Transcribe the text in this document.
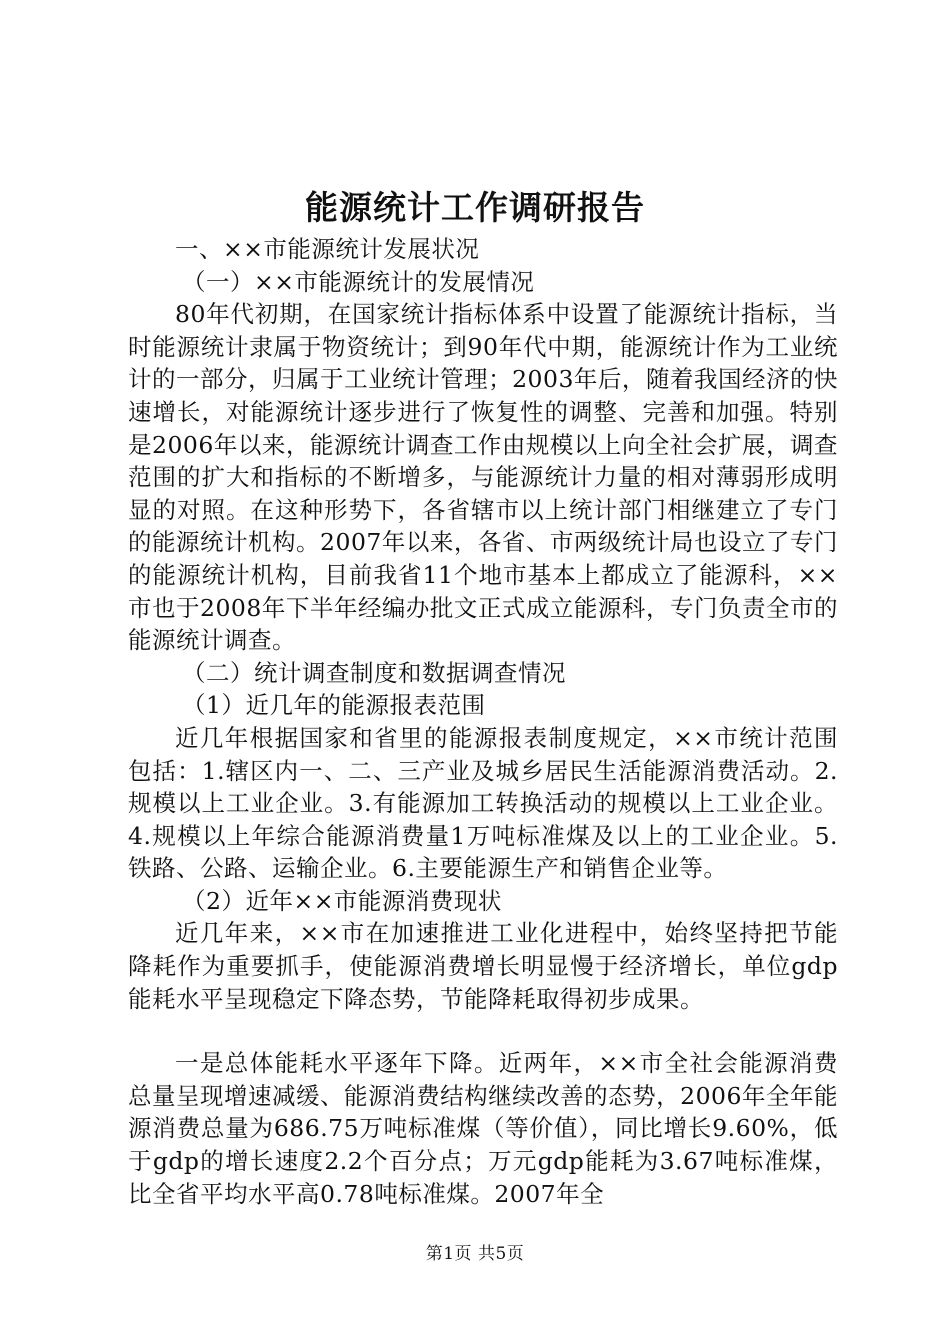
能源统计工作调研报告

一、××市能源统计发展状况

（一）××市能源统计的发展情况

80年代初期，在国家统计指标体系中设置了能源统计指标，当时能源统计隶属于物资统计；到90年代中期，能源统计作为工业统计的一部分，归属于工业统计管理；2003年后，随着我国经济的快速增长，对能源统计逐步进行了恢复性的调整、完善和加强。特别是2006年以来，能源统计调查工作由规模以上向全社会扩展，调查范围的扩大和指标的不断增多，与能源统计力量的相对薄弱形成明显的对照。在这种形势下，各省辖市以上统计部门相继建立了专门的能源统计机构。2007年以来，各省、市两级统计局也设立了专门的能源统计机构，目前我省11个地市基本上都成立了能源科，××市也于2008年下半年经编办批文正式成立能源科，专门负责全市的能源统计调查。

（二）统计调查制度和数据调查情况

（1）近几年的能源报表范围

近几年根据国家和省里的能源报表制度规定，××市统计范围包括：1.辖区内一、二、三产业及城乡居民生活能源消费活动。2.规模以上工业企业。3.有能源加工转换活动的规模以上工业企业。4.规模以上年综合能源消费量1万吨标准煤及以上的工业企业。5.铁路、公路、运输企业。6.主要能源生产和销售企业等。

（2）近年××市能源消费现状

近几年来，××市在加速推进工业化进程中，始终坚持把节能降耗作为重要抓手，使能源消费增长明显慢于经济增长，单位gdp能耗水平呈现稳定下降态势，节能降耗取得初步成果。

一是总体能耗水平逐年下降。近两年，××市全社会能源消费总量呈现增速减缓、能源消费结构继续改善的态势，2006年全年能源消费总量为686.75万吨标准煤（等价值），同比增长9.60%，低于gdp的增长速度2.2个百分点；万元gdp能耗为3.67吨标准煤，比全省平均水平高0.78吨标准煤。2007年全

第1页 共5页
